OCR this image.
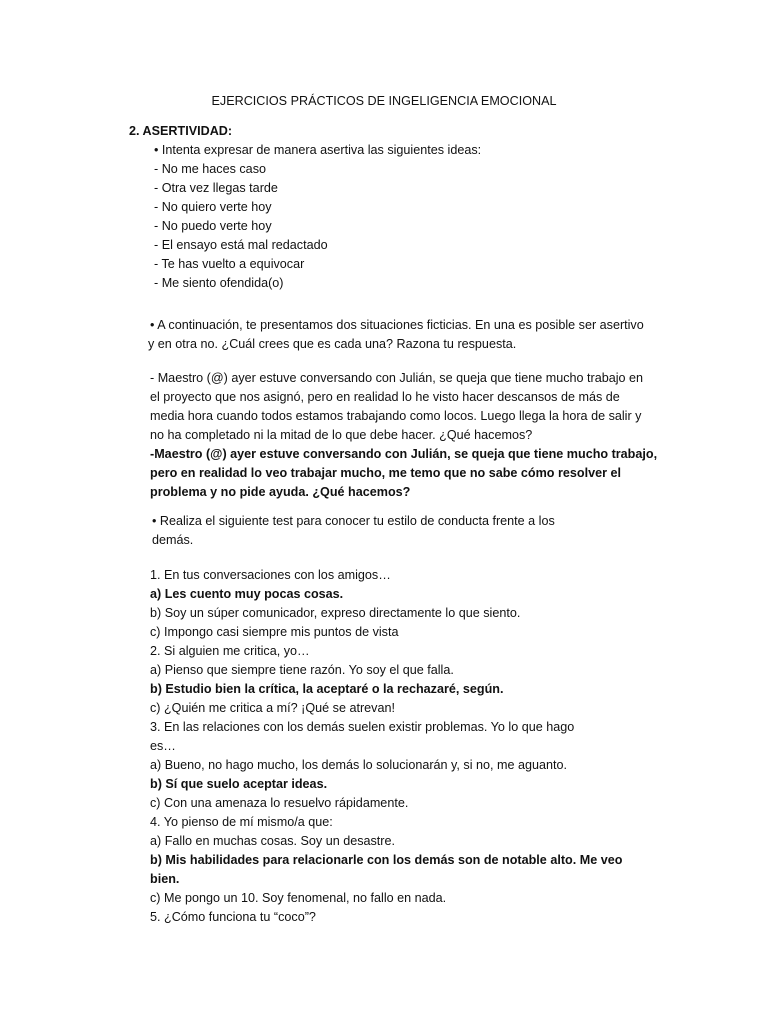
EJERCICIOS PRÁCTICOS DE INGELIGENCIA EMOCIONAL
2. ASERTIVIDAD:
• Intenta expresar de manera asertiva las siguientes ideas:
- No me haces caso
- Otra vez llegas tarde
- No quiero verte hoy
- No puedo verte hoy
- El ensayo está mal redactado
- Te has vuelto a equivocar
- Me siento ofendida(o)
• A continuación, te presentamos dos situaciones ficticias. En una es posible ser asertivo
y en otra no. ¿Cuál crees que es cada una? Razona tu respuesta.
- Maestro (@) ayer estuve conversando con Julián, se queja que tiene mucho trabajo en
el proyecto que nos asignó, pero en realidad lo he visto hacer descansos de más de
media hora cuando todos estamos trabajando como locos. Luego llega la hora de salir y
no ha completado ni la mitad de lo que debe hacer. ¿Qué hacemos?
-Maestro (@) ayer estuve conversando con Julián, se queja que tiene mucho trabajo,
pero en realidad lo veo trabajar mucho, me temo que no sabe cómo resolver el
problema y no pide ayuda. ¿Qué hacemos?
• Realiza el siguiente test para conocer tu estilo de conducta frente a los
demás.
1. En tus conversaciones con los amigos…
a) Les cuento muy pocas cosas.
b) Soy un súper comunicador, expreso directamente lo que siento.
c) Impongo casi siempre mis puntos de vista
2. Si alguien me critica, yo…
a) Pienso que siempre tiene razón. Yo soy el que falla.
b) Estudio bien la crítica, la aceptaré o la rechazaré, según.
c) ¿Quién me critica a mí? ¡Qué se atrevan!
3. En las relaciones con los demás suelen existir problemas. Yo lo que hago
es…
a) Bueno, no hago mucho, los demás lo solucionarán y, si no, me aguanto.
b) Sí que suelo aceptar ideas.
c) Con una amenaza lo resuelvo rápidamente.
4. Yo pienso de mí mismo/a que:
a) Fallo en muchas cosas. Soy un desastre.
b) Mis habilidades para relacionarle con los demás son de notable alto. Me veo
bien.
c) Me pongo un 10. Soy fenomenal, no fallo en nada.
5. ¿Cómo funciona tu “coco”?
